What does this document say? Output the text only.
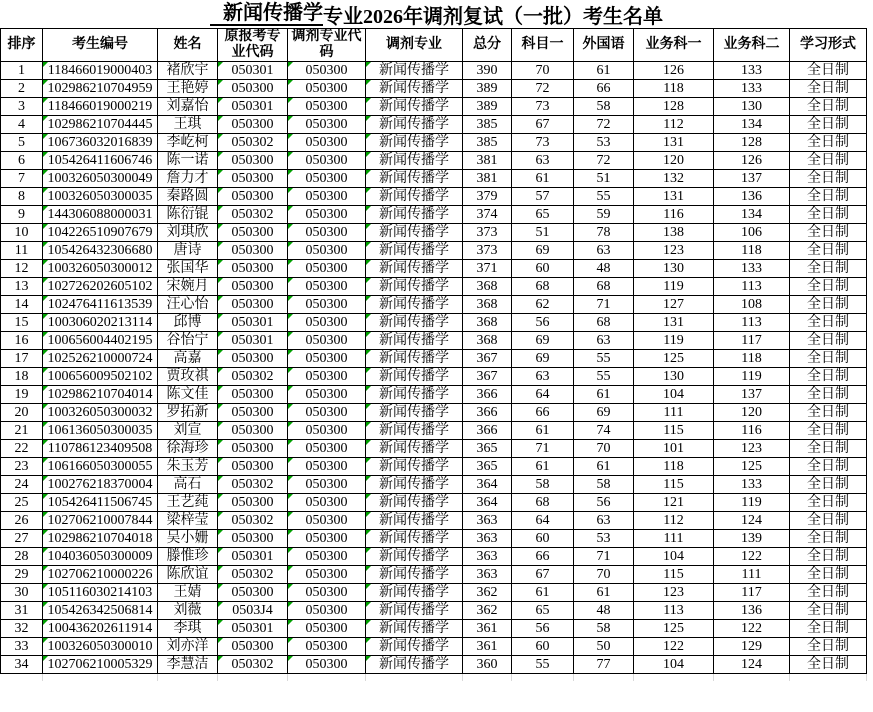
新闻传播学 专业2026年调剂复试（一批）考生名单
排序	考生编号	姓名	原报考专业代码	调剂专业代码	调剂专业	总分	科目一	外国语	业务科一	业务科二	学习形式
1	118466019000403	褚欣宇	050301	050300	新闻传播学	390	70	61	126	133	全日制
2	102986210704959	王艳婷	050300	050300	新闻传播学	389	72	66	118	133	全日制
3	118466019000219	刘嘉怡	050301	050300	新闻传播学	389	73	58	128	130	全日制
4	102986210704445	王琪	050300	050300	新闻传播学	385	67	72	112	134	全日制
5	106736032016839	李屹柯	050302	050300	新闻传播学	385	73	53	131	128	全日制
6	105426411606746	陈一诺	050300	050300	新闻传播学	381	63	72	120	126	全日制
7	100326050300049	詹力才	050300	050300	新闻传播学	381	61	51	132	137	全日制
8	100326050300035	秦路圆	050300	050300	新闻传播学	379	57	55	131	136	全日制
9	144306088000031	陈衍锟	050302	050300	新闻传播学	374	65	59	116	134	全日制
10	104226510907679	刘琪欣	050300	050300	新闻传播学	373	51	78	138	106	全日制
11	105426432306680	唐诗	050300	050300	新闻传播学	373	69	63	123	118	全日制
12	100326050300012	张国华	050300	050300	新闻传播学	371	60	48	130	133	全日制
13	102726202605102	宋婉月	050300	050300	新闻传播学	368	68	68	119	113	全日制
14	102476411613539	汪心怡	050300	050300	新闻传播学	368	62	71	127	108	全日制
15	100306020213114	邱博	050301	050300	新闻传播学	368	56	68	131	113	全日制
16	100656004402195	谷怡宁	050301	050300	新闻传播学	368	69	63	119	117	全日制
17	102526210000724	高嘉	050300	050300	新闻传播学	367	69	55	125	118	全日制
18	100656009502102	贾玫祺	050302	050300	新闻传播学	367	63	55	130	119	全日制
19	102986210704014	陈文佳	050300	050300	新闻传播学	366	64	61	104	137	全日制
20	100326050300032	罗拓新	050300	050300	新闻传播学	366	66	69	111	120	全日制
21	106136050300035	刘宣	050300	050300	新闻传播学	366	61	74	115	116	全日制
22	110786123409508	徐海珍	050300	050300	新闻传播学	365	71	70	101	123	全日制
23	106166050300055	朱玉芳	050300	050300	新闻传播学	365	61	61	118	125	全日制
24	100276218370004	高石	050302	050300	新闻传播学	364	58	58	115	133	全日制
25	105426411506745	王艺莼	050300	050300	新闻传播学	364	68	56	121	119	全日制
26	102706210007844	梁梓莹	050302	050300	新闻传播学	363	64	63	112	124	全日制
27	102986210704018	吴小姗	050300	050300	新闻传播学	363	60	53	111	139	全日制
28	104036050300009	滕惟珍	050301	050300	新闻传播学	363	66	71	104	122	全日制
29	102706210000226	陈欣谊	050302	050300	新闻传播学	363	67	70	115	111	全日制
30	105116030214103	王婧	050300	050300	新闻传播学	362	61	61	123	117	全日制
31	105426342506814	刘薇	0503J4	050300	新闻传播学	362	65	48	113	136	全日制
32	100436202611914	李琪	050301	050300	新闻传播学	361	56	58	125	122	全日制
33	100326050300010	刘亦洋	050300	050300	新闻传播学	361	60	50	122	129	全日制
34	102706210005329	李慧洁	050302	050300	新闻传播学	360	55	77	104	124	全日制
